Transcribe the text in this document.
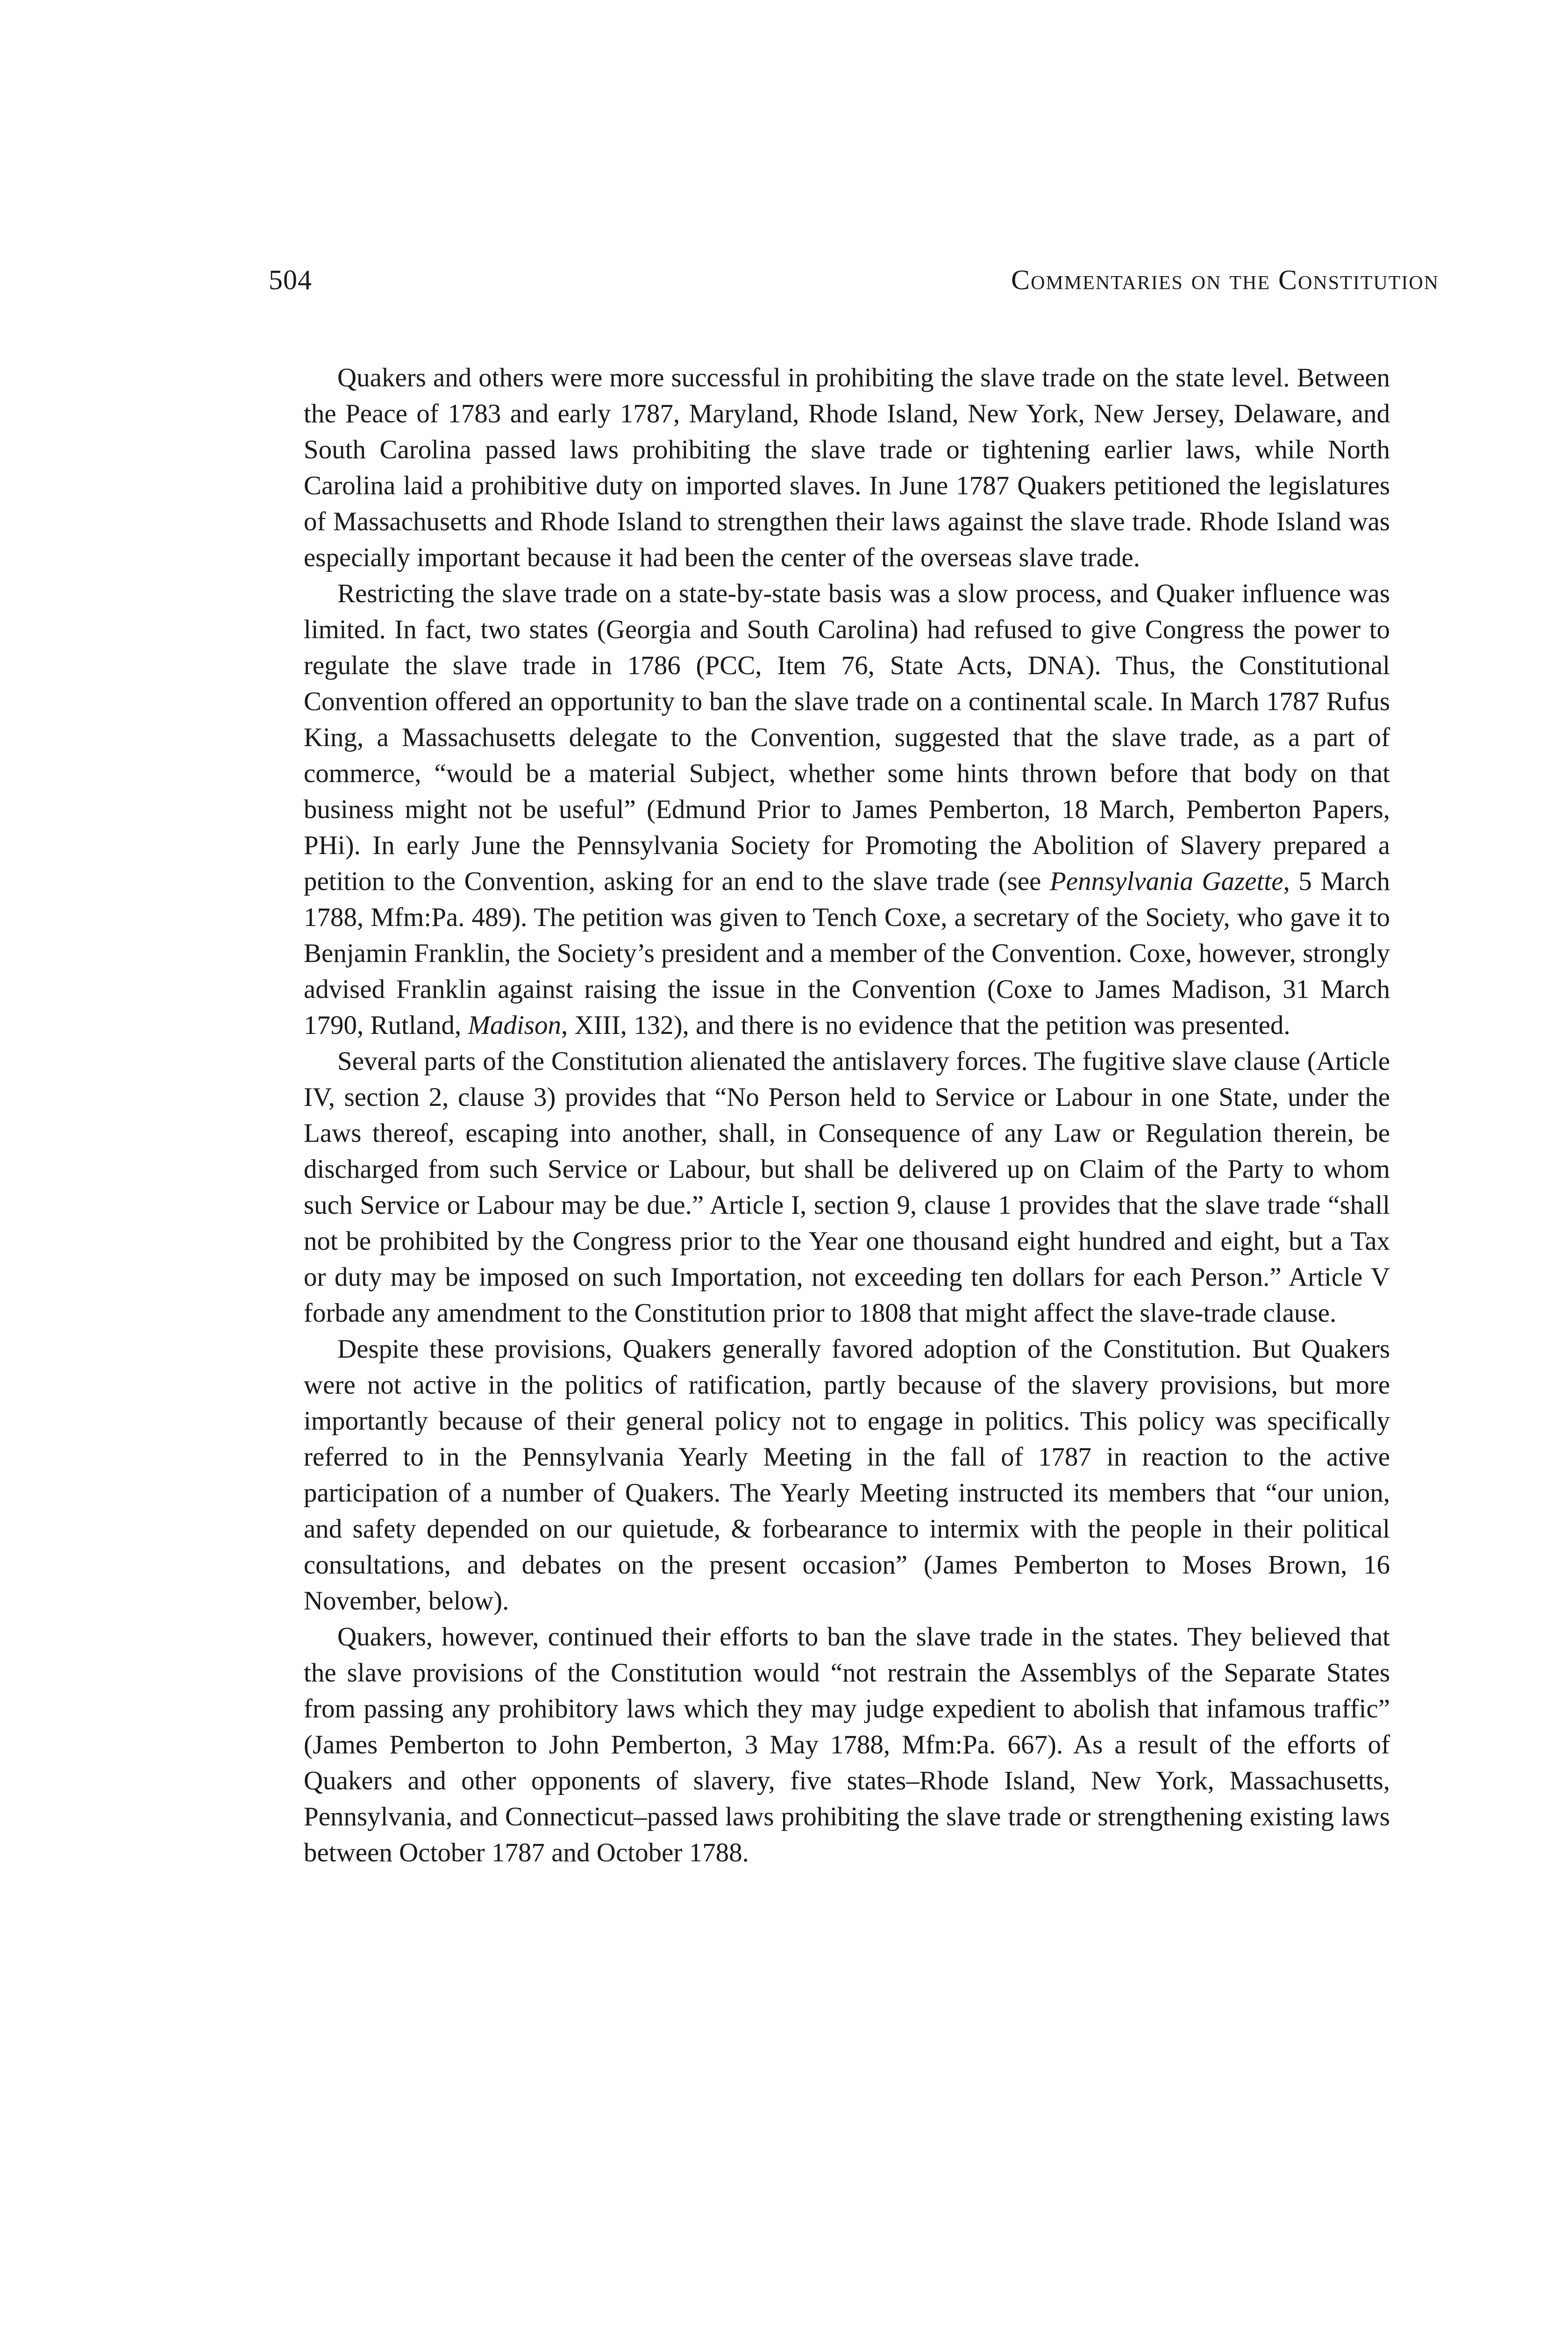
504	Commentaries on the Constitution

Quakers and others were more successful in prohibiting the slave trade on the state level. Between the Peace of 1783 and early 1787, Maryland, Rhode Island, New York, New Jersey, Delaware, and South Carolina passed laws prohibiting the slave trade or tightening earlier laws, while North Carolina laid a prohibitive duty on imported slaves. In June 1787 Quakers petitioned the legislatures of Massachusetts and Rhode Island to strengthen their laws against the slave trade. Rhode Island was especially important because it had been the center of the overseas slave trade.

Restricting the slave trade on a state-by-state basis was a slow process, and Quaker influence was limited. In fact, two states (Georgia and South Carolina) had refused to give Congress the power to regulate the slave trade in 1786 (PCC, Item 76, State Acts, DNA). Thus, the Constitutional Convention offered an opportunity to ban the slave trade on a continental scale. In March 1787 Rufus King, a Massachusetts delegate to the Convention, suggested that the slave trade, as a part of commerce, “would be a material Subject, whether some hints thrown before that body on that business might not be useful” (Edmund Prior to James Pemberton, 18 March, Pemberton Papers, PHi). In early June the Pennsylvania Society for Promoting the Abolition of Slavery prepared a petition to the Convention, asking for an end to the slave trade (see Pennsylvania Gazette, 5 March 1788, Mfm:Pa. 489). The petition was given to Tench Coxe, a secretary of the Society, who gave it to Benjamin Franklin, the Society’s president and a member of the Convention. Coxe, however, strongly advised Franklin against raising the issue in the Convention (Coxe to James Madison, 31 March 1790, Rutland, Madison, XIII, 132), and there is no evidence that the petition was presented.

Several parts of the Constitution alienated the antislavery forces. The fugitive slave clause (Article IV, section 2, clause 3) provides that “No Person held to Service or Labour in one State, under the Laws thereof, escaping into another, shall, in Consequence of any Law or Regulation therein, be discharged from such Service or Labour, but shall be delivered up on Claim of the Party to whom such Service or Labour may be due.” Article I, section 9, clause 1 provides that the slave trade “shall not be prohibited by the Congress prior to the Year one thousand eight hundred and eight, but a Tax or duty may be imposed on such Importation, not exceeding ten dollars for each Person.” Article V forbade any amendment to the Constitution prior to 1808 that might affect the slave-trade clause.

Despite these provisions, Quakers generally favored adoption of the Constitution. But Quakers were not active in the politics of ratification, partly because of the slavery provisions, but more importantly because of their general policy not to engage in politics. This policy was specifically referred to in the Pennsylvania Yearly Meeting in the fall of 1787 in reaction to the active participation of a number of Quakers. The Yearly Meeting instructed its members that “our union, and safety depended on our quietude, & forbearance to intermix with the people in their political consultations, and debates on the present occasion” (James Pemberton to Moses Brown, 16 November, below).

Quakers, however, continued their efforts to ban the slave trade in the states. They believed that the slave provisions of the Constitution would “not restrain the Assemblys of the Separate States from passing any prohibitory laws which they may judge expedient to abolish that infamous traffic” (James Pemberton to John Pemberton, 3 May 1788, Mfm:Pa. 667). As a result of the efforts of Quakers and other opponents of slavery, five states–Rhode Island, New York, Massachusetts, Pennsylvania, and Connecticut–passed laws prohibiting the slave trade or strengthening existing laws between October 1787 and October 1788.
